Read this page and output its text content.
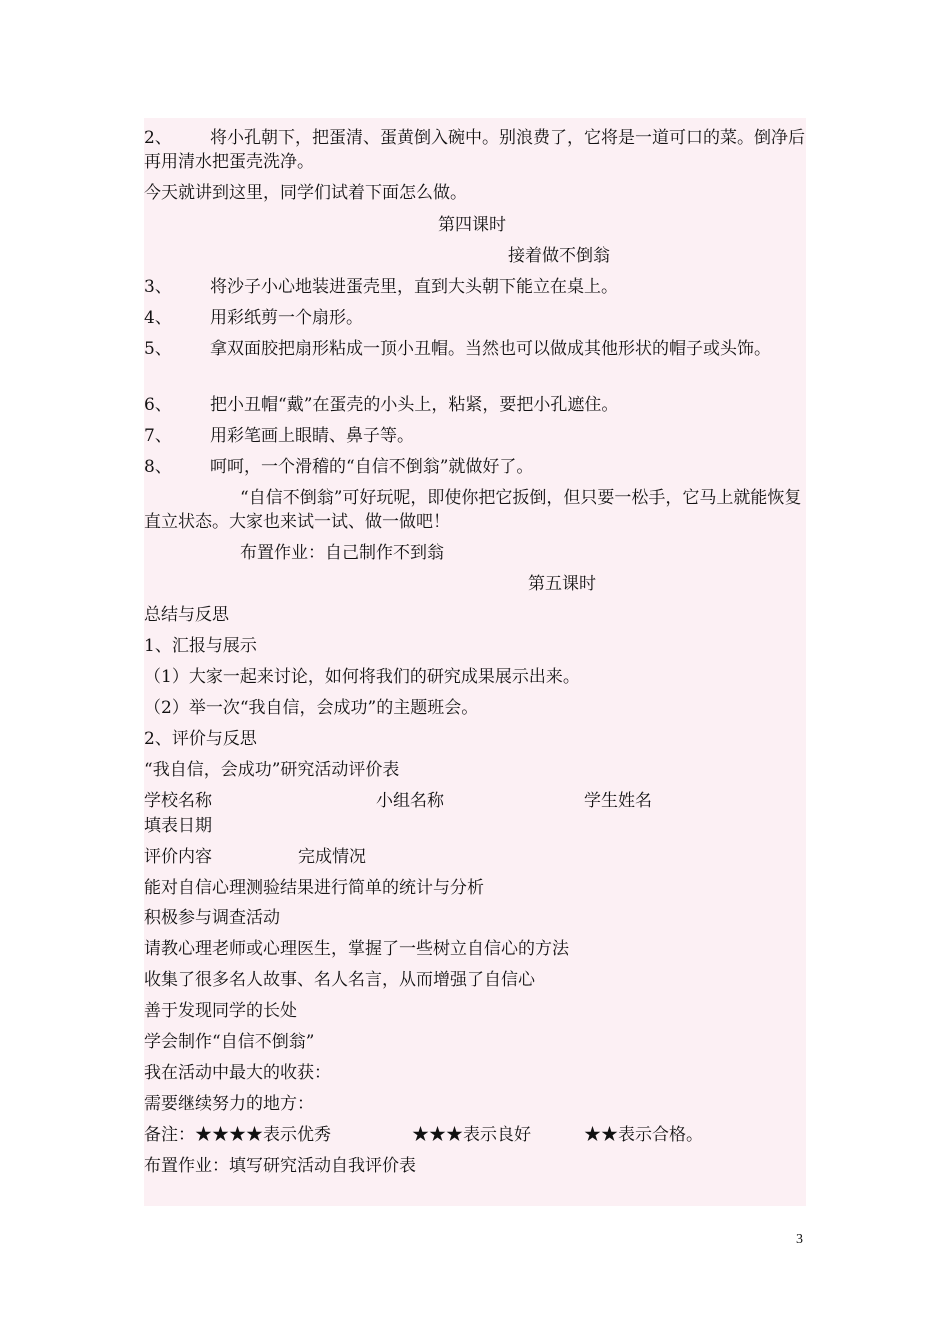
2、 将小孔朝下，把蛋清、蛋黄倒入碗中。别浪费了，它将是一道可口的菜。倒净后再用清水把蛋壳洗净。
今天就讲到这里，同学们试着下面怎么做。
第四课时
接着做不倒翁
3、 将沙子小心地装进蛋壳里，直到大头朝下能立在桌上。
4、 用彩纸剪一个扇形。
5、 拿双面胶把扇形粘成一顶小丑帽。当然也可以做成其他形状的帽子或头饰。
6、 把小丑帽“戴”在蛋壳的小头上，粘紧，要把小孔遮住。
7、 用彩笔画上眼睛、鼻子等。
8、 呵呵，一个滑稽的“自信不倒翁”就做好了。
“自信不倒翁”可好玩呢，即使你把它扳倒，但只要一松手，它马上就能恢复直立状态。大家也来试一试、做一做吧！
布置作业：自己制作不到翁
第五课时
总结与反思
1、汇报与展示
（1）大家一起来讨论，如何将我们的研究成果展示出来。
（2）举一次“我自信，会成功”的主题班会。
2、评价与反思
“我自信，会成功”研究活动评价表
学校名称	小组名称	学生姓名
填表日期
评价内容	完成情况
能对自信心理测验结果进行简单的统计与分析
积极参与调查活动
请教心理老师或心理医生，掌握了一些树立自信心的方法
收集了很多名人故事、名人名言，从而增强了自信心
善于发现同学的长处
学会制作“自信不倒翁”
我在活动中最大的收获：
需要继续努力的地方：
备注：★★★★表示优秀	★★★表示良好	★★表示合格。
布置作业：填写研究活动自我评价表
3
